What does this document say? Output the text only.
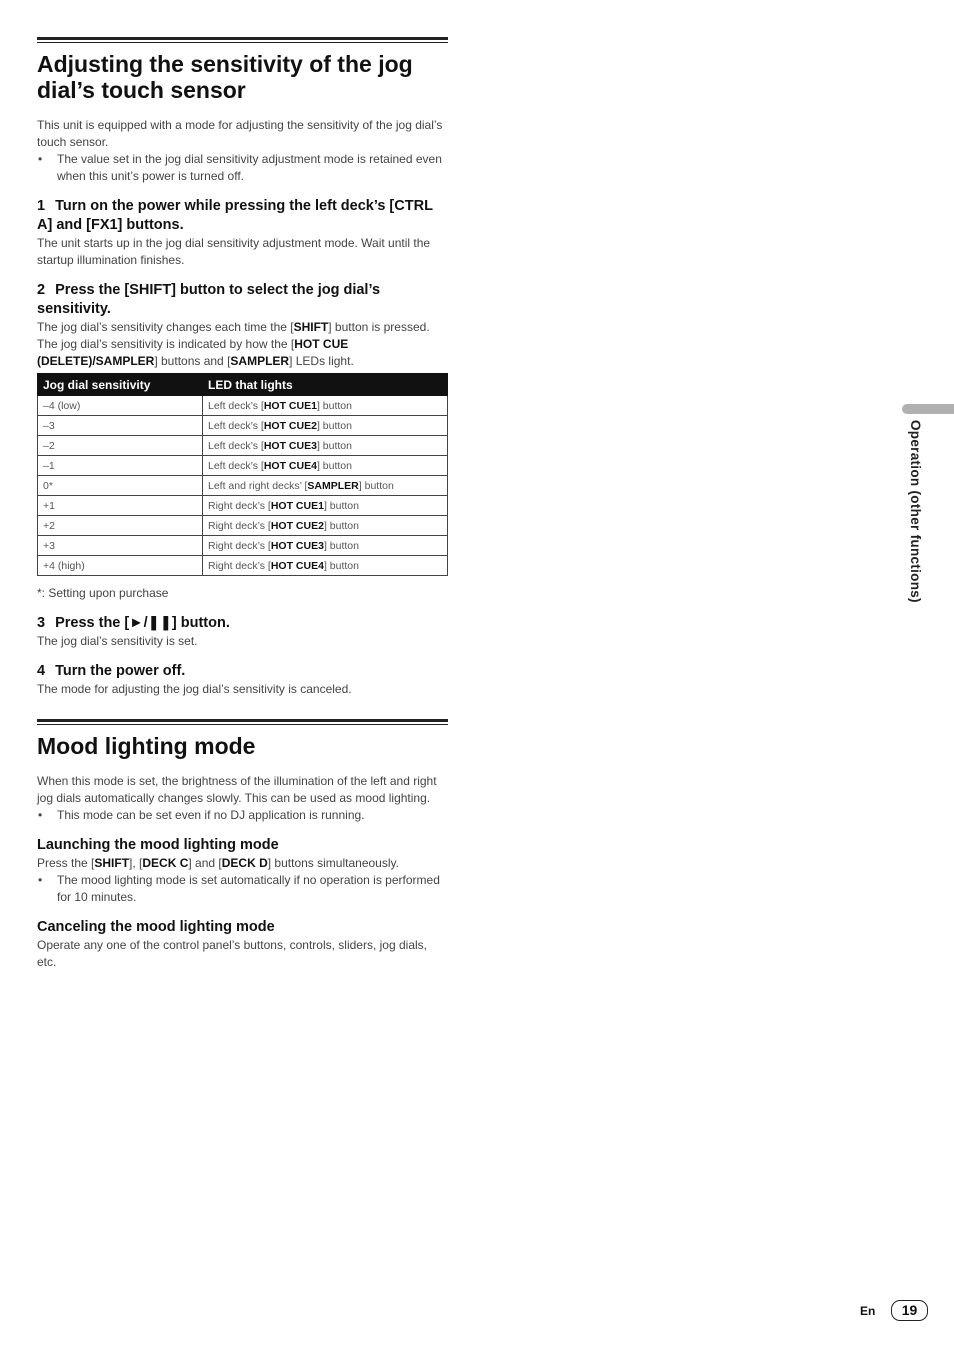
Adjusting the sensitivity of the jog dial’s touch sensor

This unit is equipped with a mode for adjusting the sensitivity of the jog dial’s touch sensor.

• The value set in the jog dial sensitivity adjustment mode is retained even when this unit’s power is turned off.
1 Turn on the power while pressing the left deck’s [CTRL A] and [FX1] buttons.

The unit starts up in the jog dial sensitivity adjustment mode. Wait until the startup illumination finishes.

2 Press the [SHIFT] button to select the jog dial’s sensitivity.

The jog dial’s sensitivity changes each time the [SHIFT] button is pressed.

The jog dial’s sensitivity is indicated by how the [HOT CUE (DELETE)/SAMPLER] buttons and [SAMPLER] LEDs light.

Jog dial sensitivity	LED that lights
–4 (low)	Left deck’s [HOT CUE1] button
–3	Left deck’s [HOT CUE2] button
–2	Left deck’s [HOT CUE3] button
–1	Left deck’s [HOT CUE4] button
0*	Left and right decks’ [SAMPLER] button
+1	Right deck’s [HOT CUE1] button
+2	Right deck’s [HOT CUE2] button
+3	Right deck’s [HOT CUE3] button
+4 (high)	Right deck’s [HOT CUE4] button

*: Setting upon purchase

3 Press the [►/❚❚] button.

The jog dial’s sensitivity is set.

4 Turn the power off.

The mode for adjusting the jog dial’s sensitivity is canceled.

Mood lighting mode

When this mode is set, the brightness of the illumination of the left and right jog dials automatically changes slowly. This can be used as mood lighting.

• This mode can be set even if no DJ application is running.
Launching the mood lighting mode

Press the [SHIFT], [DECK C] and [DECK D] buttons simultaneously.

• The mood lighting mode is set automatically if no operation is performed for 10 minutes.
Canceling the mood lighting mode

Operate any one of the control panel’s buttons, controls, sliders, jog dials, etc.

Operation (other functions)
En	19
